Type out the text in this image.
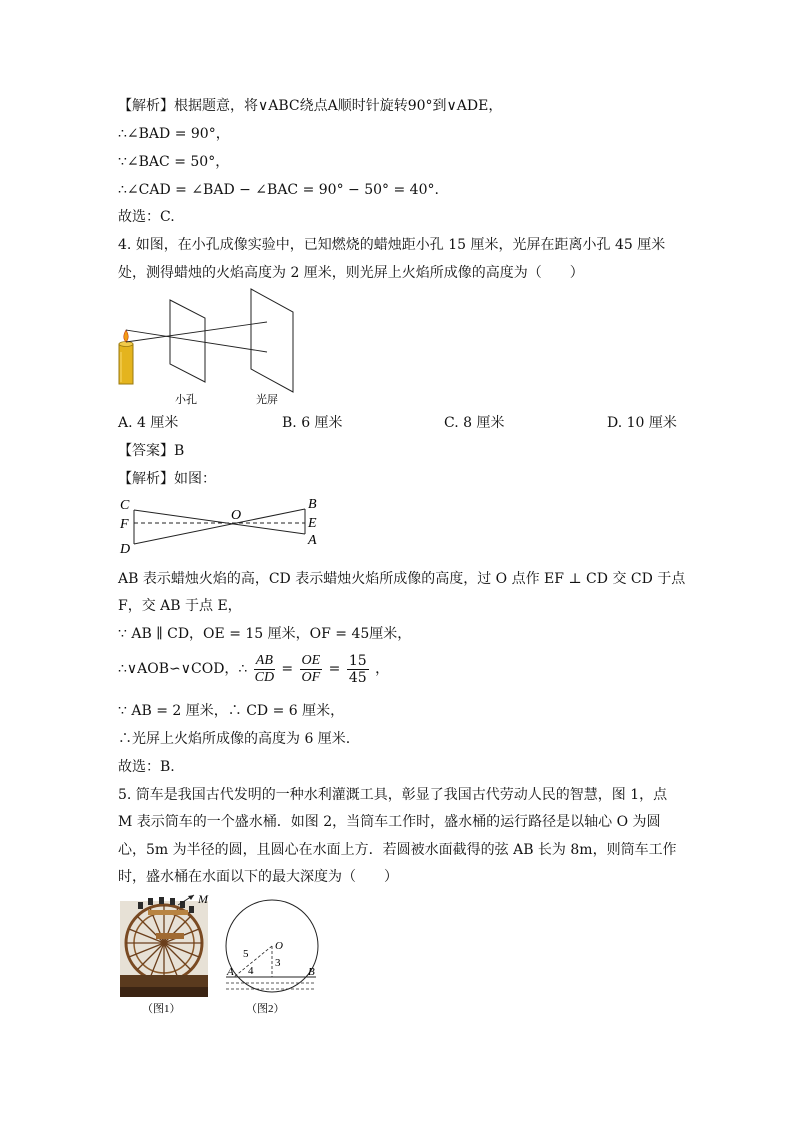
【解析】根据题意，将∨ABC绕点A顺时针旋转90°到∨ADE，
∴∠BAD = 90°，
∵∠BAC = 50°，
∴∠CAD = ∠BAD − ∠BAC = 90° − 50° = 40°.
故选：C.
4. 如图，在小孔成像实验中，已知燃烧的蜡烛距小孔 15 厘米，光屏在距离小孔 45 厘米
处，测得蜡烛的火焰高度为 2 厘米，则光屏上火焰所成像的高度为（　　）
小孔	光屏
A. 4 厘米	B. 6 厘米	C. 8 厘米	D. 10 厘米
【答案】B
【解析】如图：
C
F
D
O
B
E
A
AB 表示蜡烛火焰的高，CD 表示蜡烛火焰所成像的高度，过 O 点作 EF ⊥ CD 交 CD 于点
F，交 AB 于点 E，
∵ AB ∥ CD，OE = 15 厘米，OF = 45厘米，
∴∨AOB∽∨COD，∴ $\frac{AB}{CD} = \frac{OE}{OF} = \frac{15}{45}$ ，
∵ AB = 2 厘米，∴ CD = 6 厘米，
∴光屏上火焰所成像的高度为 6 厘米.
故选：B.
5. 筒车是我国古代发明的一种水利灌溉工具，彰显了我国古代劳动人民的智慧，图 1，点
M 表示筒车的一个盛水桶．如图 2，当筒车工作时，盛水桶的运行路径是以轴心 O 为圆
心，5m 为半径的圆，且圆心在水面上方．若圆被水面截得的弦 AB 长为 8m，则筒车工作
时，盛水桶在水面以下的最大深度为（　　）
M
（图1）
O
A	B
5
4
3
（图2）
